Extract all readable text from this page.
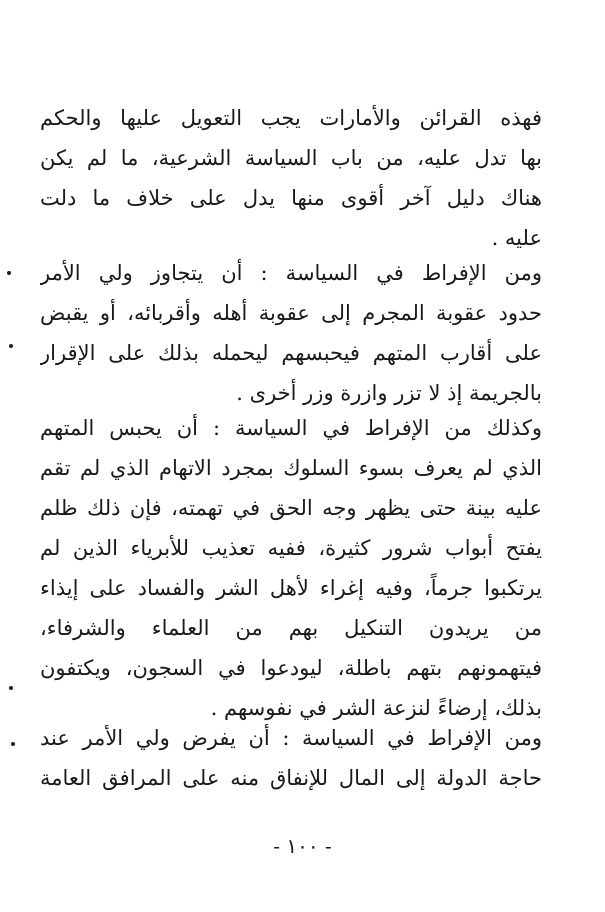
فهذه القرائن والأمارات يجب التعويل عليها والحكم
بها تدل عليه، من باب السياسة الشرعية، ما لم يكن
هناك دليل آخر أقوى منها يدل على خلاف ما دلت
عليه .
ومن الإفراط في السياسة : أن يتجاوز ولي الأمر
حدود عقوبة المجرم إلى عقوبة أهله وأقربائه، أو يقبض
على أقارب المتهم فيحبسهم ليحمله بذلك على الإقرار
بالجريمة إذ لا تزر وازرة وزر أخرى .
وكذلك من الإفراط في السياسة : أن يحبس المتهم
الذي لم يعرف بسوء السلوك بمجرد الاتهام الذي لم تقم
عليه بينة حتى يظهر وجه الحق في تهمته، فإن ذلك ظلم
يفتح أبواب شرور كثيرة، ففيه تعذيب للأبرياء الذين لم
يرتكبوا جرماً، وفيه إغراء لأهل الشر والفساد على إيذاء
من يريدون التنكيل بهم من العلماء والشرفاء،
فيتهمونهم بتهم باطلة، ليودعوا في السجون، ويكتفون
بذلك، إرضاءً لنزعة الشر في نفوسهم .
ومن الإفراط في السياسة : أن يفرض ولي الأمر عند
حاجة الدولة إلى المال للإنفاق منه على المرافق العامة
- ١٠٠ -
